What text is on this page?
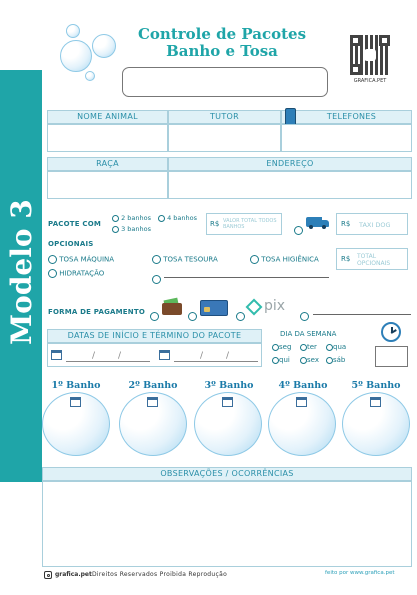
Modelo 3
Controle de Pacotes
Banho e Tosa
GRAFICA.PET
NOME ANIMAL	TUTOR	TELEFONES
RAÇA	ENDEREÇO
PACOTE COM
2 banhos	4 banhos
3 banhos
R$ VALOR TOTAL TODOS BANHOS	R$ TAXI DOG
OPCIONAIS
TOSA MÁQUINA	TOSA TESOURA	TOSA HIGIÊNICA
HIDRATAÇÃO
R$ TOTAL OPCIONAIS
FORMA DE PAGAMENTO	pix
DATAS DE INÍCIO E TÉRMINO DO PACOTE
/	/	/	/
DIA DA SEMANA
seg	ter	qua
qui	sex	sáb
1º Banho	2º Banho	3º Banho	4º Banho	5º Banho
OBSERVAÇÕES / OCORRÊNCIAS
grafica.pet Direitos Reservados Proibida Reprodução	feito por www.grafica.pet
